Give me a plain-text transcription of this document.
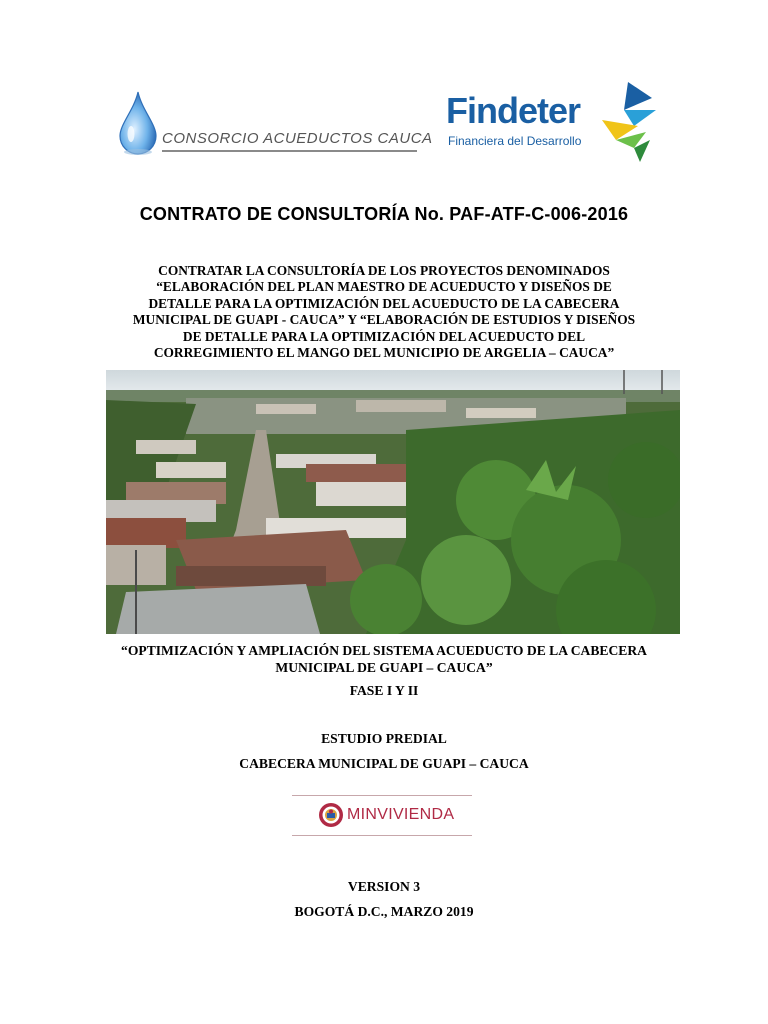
CONSORCIO ACUEDUCTOS CAUCA
Findeter
Financiera del Desarrollo
CONTRATO DE CONSULTORÍA No. PAF-ATF-C-006-2016
CONTRATAR LA CONSULTORÍA DE LOS PROYECTOS DENOMINADOS
“ELABORACIÓN DEL PLAN MAESTRO DE ACUEDUCTO Y DISEÑOS DE
DETALLE PARA LA OPTIMIZACIÓN DEL ACUEDUCTO DE LA CABECERA
MUNICIPAL DE GUAPI - CAUCA” Y “ELABORACIÓN DE ESTUDIOS Y DISEÑOS
DE DETALLE PARA LA OPTIMIZACIÓN DEL ACUEDUCTO DEL
CORREGIMIENTO EL MANGO DEL MUNICIPIO DE ARGELIA – CAUCA”
“OPTIMIZACIÓN Y AMPLIACIÓN DEL SISTEMA ACUEDUCTO DE LA CABECERA
MUNICIPAL DE GUAPI – CAUCA”
FASE I Y II
ESTUDIO PREDIAL
CABECERA MUNICIPAL DE GUAPI – CAUCA
MINVIVIENDA
VERSION 3
BOGOTÁ D.C., MARZO 2019
